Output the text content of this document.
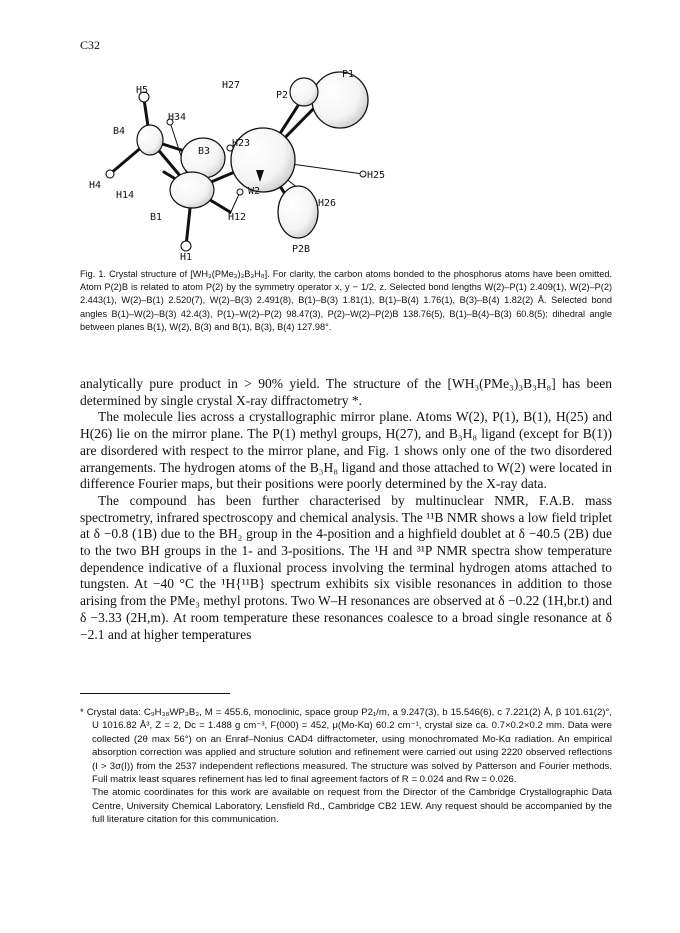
C32
P1
H27
P2
H5
H34
B4
B3
H23
H25
H4
W2
H14
H26
H12
B1
H1
P2B

Fig. 1. Crystal structure of [WH₃(PMe₃)₃B₃H₈]. For clarity, the carbon atoms bonded to the phosphorus atoms have been omitted. Atom P(2)B is related to atom P(2) by the symmetry operator x, y − 1/2, z. Selected bond lengths W(2)–P(1) 2.409(1), W(2)–P(2) 2.443(1), W(2)–B(1) 2.520(7), W(2)–B(3) 2.491(8), B(1)–B(3) 1.81(1), B(1)–B(4) 1.76(1), B(3)–B(4) 1.82(2) Å. Selected bond angles B(1)–W(2)–B(3) 42.4(3), P(1)–W(2)–P(2) 98.47(3), P(2)–W(2)–P(2)B 138.76(5), B(1)–B(4)–B(3) 60.8(5); dihedral angle between planes B(1), W(2), B(3) and B(1), B(3), B(4) 127.98°.

analytically pure product in > 90% yield. The structure of the [WH₃(PMe₃)₃B₃H₈] has been determined by single crystal X-ray diffractometry *.

The molecule lies across a crystallographic mirror plane. Atoms W(2), P(1), B(1), H(25) and H(26) lie on the mirror plane. The P(1) methyl groups, H(27), and B₃H₈ ligand (except for B(1)) are disordered with respect to the mirror plane, and Fig. 1 shows only one of the two disordered arrangements. The hydrogen atoms of the B₃H₈ ligand and those attached to W(2) were located in difference Fourier maps, but their positions were poorly determined by the X-ray data.

The compound has been further characterised by multinuclear NMR, F.A.B. mass spectrometry, infrared spectroscopy and chemical analysis. The ¹¹B NMR shows a low field triplet at δ −0.8 (1B) due to the BH₂ group in the 4-position and a highfield doublet at δ −40.5 (2B) due to the two BH groups in the 1- and 3-positions. The ¹H and ³¹P NMR spectra show temperature dependence indicative of a fluxional process involving the terminal hydrogen atoms attached to tungsten. At −40 °C the ¹H{¹¹B} spectrum exhibits six visible resonances in addition to those arising from the PMe₃ methyl protons. Two W–H resonances are observed at δ −0.22 (1H,br.t) and δ −3.33 (2H,m). At room temperature these resonances coalesce to a broad single resonance at δ −2.1 and at higher temperatures

* Crystal data: C₉H₃₈WP₃B₃, M = 455.6, monoclinic, space group P2₁/m, a 9.247(3), b 15.546(6), c 7.221(2) Å, β 101.61(2)°, U 1016.82 Å³, Z = 2, Dc = 1.488 g cm⁻³, F(000) = 452, μ(Mo-Kα) 60.2 cm⁻¹, crystal size ca. 0.7×0.2×0.2 mm. Data were collected (2θ max 56°) on an Enraf–Nonius CAD4 diffractometer, using monochromated Mo-Kα radiation. An empirical absorption correction was applied and structure solution and refinement were carried out using 2220 observed reflections (I > 3σ(I)) from the 2537 independent reflections measured. The structure was solved by Patterson and Fourier methods. Full matrix least squares refinement has led to final agreement factors of R = 0.024 and Rw = 0.026.

The atomic coordinates for this work are available on request from the Director of the Cambridge Crystallographic Data Centre, University Chemical Laboratory, Lensfield Rd., Cambridge CB2 1EW. Any request should be accompanied by the full literature citation for this communication.
